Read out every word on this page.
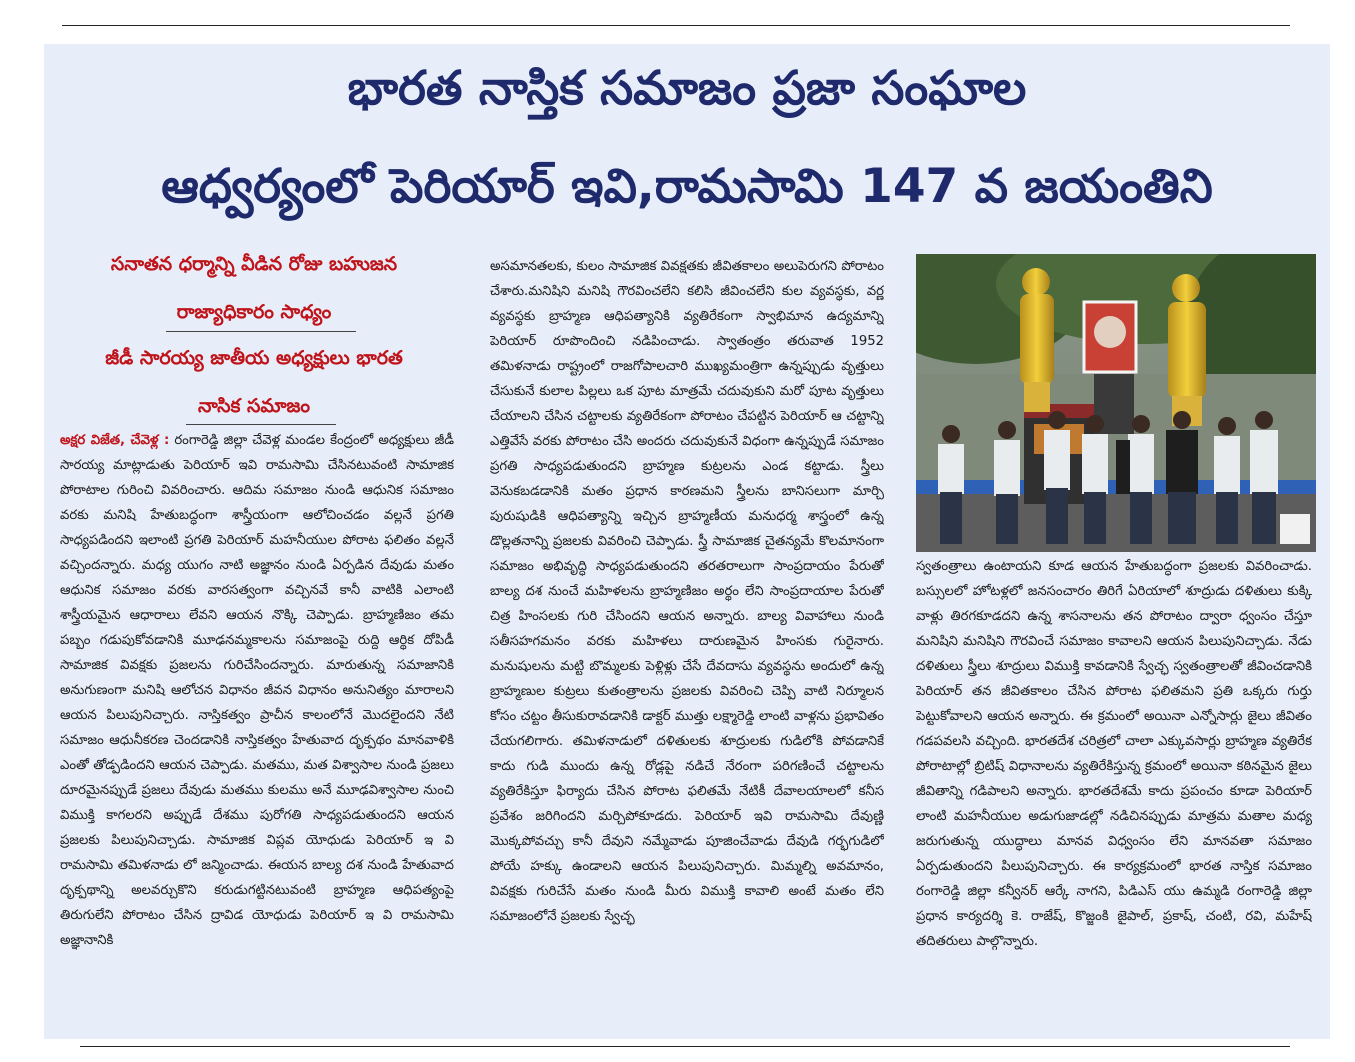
భారత నాస్తిక సమాజం ప్రజా సంఘాల
ఆధ్వర్యంలో పెరియార్ ఇవి,రామసామి 147 వ జయంతిని
సనాతన ధర్మాన్ని వీడిన రోజు బహుజన
రాజ్యాధికారం సాధ్యం
జీడీ సారయ్య జాతీయ అధ్యక్షులు భారత
నాసిక సమాజం

అక్షర విజేత, చేవెళ్ల : రంగారెడ్డి జిల్లా చేవెళ్ల మండల కేంద్రంలో అధ్యక్షులు జీడీ సారయ్య మాట్లాడుతు పెరియార్ ఇవి రామసామి చేసినటువంటి సామాజిక పోరాటాల గురించి వివరించారు. ఆదిమ సమాజం నుండి ఆధునిక సమాజం వరకు మనిషి హేతుబద్ధంగా శాస్త్రీయంగా ఆలోచించడం వల్లనే ప్రగతి సాధ్యపడిందని ఇలాంటి ప్రగతి పెరియార్ మహనీయుల పోరాట ఫలితం వల్లనే వచ్చిందన్నారు. మధ్య యుగం నాటి అజ్ఞానం నుండి ఏర్పడిన దేవుడు మతం ఆధునిక సమాజం వరకు వారసత్వంగా వచ్చినవే కానీ వాటికి ఎలాంటి శాస్త్రీయమైన ఆధారాలు లేవని ఆయన నొక్కి చెప్పాడు. బ్రాహ్మణిజం తమ పబ్బం గడుపుకోవడానికి మూఢనమ్మకాలను సమాజంపై రుద్ది ఆర్థిక దోపిడీ సామాజిక వివక్షకు ప్రజలను గురిచేసిందన్నారు. మారుతున్న సమాజానికి అనుగుణంగా మనిషి ఆలోచన విధానం జీవన విధానం అనునిత్యం మారాలని ఆయన పిలుపునిచ్చారు. నాస్తికత్వం ప్రాచీన కాలంలోనే మొదలైందని నేటి సమాజం ఆధునీకరణ చెందడానికి నాస్తికత్వం హేతువాద దృక్పథం మానవాళికి ఎంతో తోడ్పడిందని ఆయన చెప్పాడు. మతము, మత విశ్వాసాల నుండి ప్రజలు దూరమైనప్పుడే ప్రజలు దేవుడు మతము కులము అనే మూఢవిశ్వాసాల నుంచి విముక్తి కాగలరని అప్పుడే దేశము పురోగతి సాధ్యపడుతుందని ఆయన ప్రజలకు పిలుపునిచ్చాడు. సామాజిక విప్లవ యోధుడు పెరియార్ ఇ వి రామసామి తమిళనాడు లో జన్మించాడు. ఈయన బాల్య దశ నుండి హేతువాద దృక్పథాన్ని అలవర్చుకొని కరుడుగట్టినటువంటి బ్రాహ్మణ ఆధిపత్యంపై తిరుగులేని పోరాటం చేసిన ద్రావిడ యోధుడు పెరియార్ ఇ వి రామసామి అజ్ఞానానికి

అసమానతలకు, కులం సామాజిక వివక్షతకు జీవితకాలం అలుపెరుగని పోరాటం చేశారు.మనిషిని మనిషి గౌరవించలేని కలిసి జీవించలేని కుల వ్యవస్థకు, వర్ణ వ్యవస్థకు బ్రాహ్మణ ఆధిపత్యానికి వ్యతిరేకంగా స్వాభిమాన ఉద్యమాన్ని పెరియార్ రూపొందించి నడిపించాడు. స్వాతంత్రం తరువాత 1952 తమిళనాడు రాష్ట్రంలో రాజగోపాలచారి ముఖ్యమంత్రిగా ఉన్నప్పుడు వృత్తులు చేసుకునే కులాల పిల్లలు ఒక పూట మాత్రమే చదువుకుని మరో పూట వృత్తులు చేయాలని చేసిన చట్టాలకు వ్యతిరేకంగా పోరాటం చేపట్టిన పెరియార్ ఆ చట్టాన్ని ఎత్తివేసే వరకు పోరాటం చేసి అందరు చదువుకునే విధంగా ఉన్నప్పుడే సమాజం ప్రగతి సాధ్యపడుతుందని బ్రాహ్మణ కుట్రలను ఎండ కట్టాడు. స్త్రీలు వెనుకబడడానికి మతం ప్రధాన కారణమని స్త్రీలను బానిసలుగా మార్చి పురుషుడికి ఆధిపత్యాన్ని ఇచ్చిన బ్రాహ్మణీయ మనుధర్మ శాస్త్రంలో ఉన్న డొల్లతనాన్ని ప్రజలకు వివరించి చెప్పాడు. స్త్రీ సామాజిక చైతన్యమే కొలమానంగా సమాజం అభివృద్ధి సాధ్యపడుతుందని తరతరాలుగా సాంప్రదాయం పేరుతో బాల్య దశ నుంచే మహిళలను బ్రాహ్మణిజం అర్థం లేని సాంప్రదాయాల పేరుతో చిత్ర హింసలకు గురి చేసిందని ఆయన అన్నారు. బాల్య వివాహాలు నుండి సతీసహగమనం వరకు మహిళలు దారుణమైన హింసకు గురైనారు. మనుషులను మట్టి బొమ్మలకు పెళ్లిళ్లు చేసే దేవదాసు వ్యవస్థను అందులో ఉన్న బ్రాహ్మణుల కుట్రలు కుతంత్రాలను ప్రజలకు వివరించి చెప్పి వాటి నిర్మూలన కోసం చట్టం తీసుకురావడానికి డాక్టర్ ముత్తు లక్ష్మారెడ్డి లాంటి వాళ్లను ప్రభావితం చేయగలిగారు. తమిళనాడులో దళితులకు శూద్రులకు గుడిలోకి పోవడానికే కాదు గుడి ముందు ఉన్న రోడ్లపై నడిచే నేరంగా పరిగణించే చట్టాలను వ్యతిరేకిస్తూ ఫిర్యాదు చేసిన పోరాట ఫలితమే నేటికీ దేవాలయాలలో కనీస ప్రవేశం జరిగిందని మర్చిపోకూడదు. పెరియార్ ఇవి రామసామి దేవుణ్ణి మొక్కపోవచ్చు కానీ దేవుని నమ్మేవాడు పూజించేవాడు దేవుడి గర్భగుడిలో పోయే హక్కు ఉండాలని ఆయన పిలుపునిచ్చారు. మిమ్మల్ని అవమానం, వివక్షకు గురిచేసే మతం నుండి మీరు విముక్తి కావాలి అంటే మతం లేని సమాజంలోనే ప్రజలకు స్వేచ్ఛ

స్వతంత్రాలు ఉంటాయని కూడ ఆయన హేతుబద్ధంగా ప్రజలకు వివరించాడు. బస్సులలో హోటళ్లలో జనసంచారం తిరిగే ఏరియాలో శూద్రుడు దళితులు కుక్కి వాళ్లు తిరగకూడదని ఉన్న శాసనాలను తన పోరాటం ద్వారా ధ్వంసం చేస్తూ మనిషిని మనిషిని గౌరవించే సమాజం కావాలని ఆయన పిలుపునిచ్చాడు. నేడు దళితులు స్త్రీలు శూద్రులు విముక్తి కావడానికి స్వేచ్ఛ స్వతంత్రాలతో జీవించడానికి పెరియార్ తన జీవితకాలం చేసిన పోరాట ఫలితమని ప్రతి ఒక్కరు గుర్తు పెట్టుకోవాలని ఆయన అన్నారు. ఈ క్రమంలో అయినా ఎన్నోసార్లు జైలు జీవితం గడపవలసి వచ్చింది. భారతదేశ చరిత్రలో చాలా ఎక్కువసార్లు బ్రాహ్మణ వ్యతిరేక పోరాటాల్లో బ్రిటిష్ విధానాలను వ్యతిరేకిస్తున్న క్రమంలో అయినా కఠినమైన జైలు జీవితాన్ని గడిపాలని అన్నారు. భారతదేశమే కాదు ప్రపంచం కూడా పెరియార్ లాంటి మహనీయుల అడుగుజాడల్లో నడిచినప్పుడు మాత్రమ మతాల మధ్య జరుగుతున్న యుద్ధాలు మానవ విధ్వంసం లేని మానవతా సమాజం ఏర్పడుతుందని పిలుపునిచ్చారు. ఈ కార్యక్రమంలో భారత నాస్తిక సమాజం రంగారెడ్డి జిల్లా కన్వీనర్ ఆర్కే నాగని, పిడిఎస్ యు ఉమ్మడి రంగారెడ్డి జిల్లా ప్రధాన కార్యదర్శి కె. రాజేష్, కొజ్జంకి జైపాల్, ప్రకాష్, చంటి, రవి, మహేష్ తదితరులు పాల్గొన్నారు.
